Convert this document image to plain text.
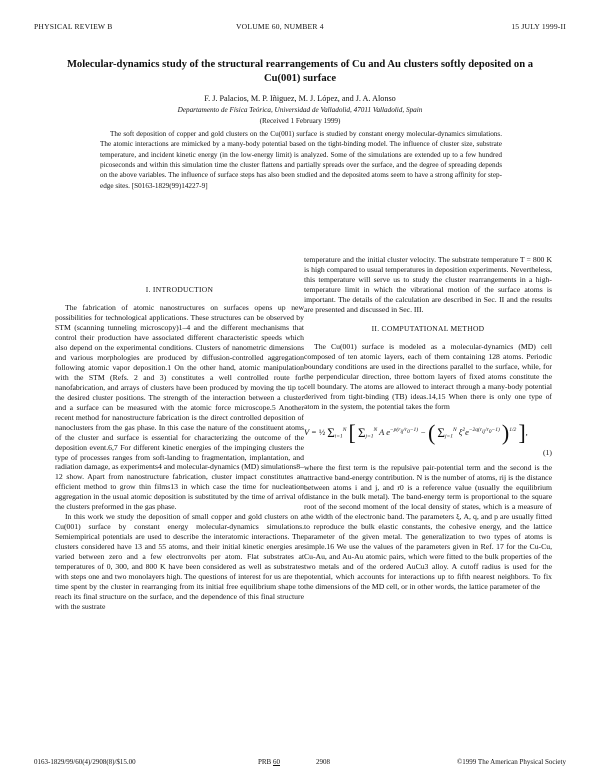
PHYSICAL REVIEW B	VOLUME 60, NUMBER 4	15 JULY 1999-II
Molecular-dynamics study of the structural rearrangements of Cu and Au clusters softly deposited on a Cu(001) surface
F. J. Palacios, M. P. Iñiguez, M. J. López, and J. A. Alonso
Departamento de Física Teórica, Universidad de Valladolid, 47011 Valladolid, Spain
(Received 1 February 1999)
The soft deposition of copper and gold clusters on the Cu(001) surface is studied by constant energy molecular-dynamics simulations. The atomic interactions are mimicked by a many-body potential based on the tight-binding model. The influence of cluster size, substrate temperature, and incident kinetic energy (in the low-energy limit) is analyzed. Some of the simulations are extended up to a few hundred picoseconds and within this simulation time the cluster flattens and partially spreads over the surface, and the degree of spreading depends on the above variables. The influence of surface steps has also been studied and the deposited atoms seem to have a strong affinity for step-edge sites. [S0163-1829(99)14227-9]
I. INTRODUCTION

The fabrication of atomic nanostructures on surfaces opens up new possibilities for technological applications. These structures can be observed by STM (scanning tunneling microscopy)1–4 and the different mechanisms that control their production have associated different characteristic speeds which also depend on the experimental conditions. Clusters of nanometric dimensions and various morphologies are produced by diffusion-controlled aggregation following atomic vapor deposition.1 On the other hand, atomic manipulation with the STM (Refs. 2 and 3) constitutes a well controlled route for nanofabrication, and arrays of clusters have been produced by moving the tip to the desired cluster positions. The strength of the interaction between a cluster and a surface can be measured with the atomic force microscope.5 Another recent method for nanostructure fabrication is the direct controlled deposition of nanoclusters from the gas phase. In this case the nature of the constituent atoms of the cluster and surface is essential for characterizing the outcome of the deposition event.6,7 For different kinetic energies of the impinging clusters the type of processes ranges from soft-landing to fragmentation, implantation, and radiation damage, as experiments4 and molecular-dynamics (MD) simulations8–12 show. Apart from nanostructure fabrication, cluster impact constitutes an efficient method to grow thin films13 in which case the time for nucleation aggregation in the usual atomic deposition is substituted by the time of arrival of the clusters preformed in the gas phase.

In this work we study the deposition of small copper and gold clusters on a Cu(001) surface by constant energy molecular-dynamics simulations. Semiempirical potentials are used to describe the interatomic interactions. The clusters considered have 13 and 55 atoms, and their initial kinetic energies are varied between zero and a few electronvolts per atom. Flat substrates at temperatures of 0, 300, and 800 K have been considered as well as substrates with steps one and two monolayers high. The questions of interest for us are the time spent by the cluster in rearranging from its initial free equilibrium shape to reach its final structure on the surface, and the dependence of this final structure with the sustrate

temperature and the initial cluster velocity. The substrate temperature T = 800 K is high compared to usual temperatures in deposition experiments. Nevertheless, this temperature will serve us to study the cluster rearrangements in a high-temperature limit in which the vibrational motion of the surface atoms is important. The details of the calculation are described in Sec. II and the results are presented and discussed in Sec. III.

II. COMPUTATIONAL METHOD

The Cu(001) surface is modeled as a molecular-dynamics (MD) cell composed of ten atomic layers, each of them containing 128 atoms. Periodic boundary conditions are used in the directions parallel to the surface, while, for the perpendicular direction, three bottom layers of fixed atoms constitute the cell boundary. The atoms are allowed to interact through a many-body potential derived from tight-binding (TB) ideas.14,15 When there is only one type of atom in the system, the potential takes the form

V = ½ $\Sigma_{i=1}^N$ [ $\Sigma_{j=1}^N$ A $e^{-p(r_{ij}/r_0-1)}$ − ( $\Sigma_{j=1}^N$ $\xi^2e^{-2q(r_{ij}/r_0-1)}$ )$^{1/2}$ ],
(1)

where the first term is the repulsive pair-potential term and the second is the attractive band-energy contribution. N is the number of atoms, rij is the distance between atoms i and j, and r0 is a reference value (usually the equilibrium distance in the bulk metal). The band-energy term is proportional to the square root of the second moment of the local density of states, which is a measure of the width of the electronic band. The parameters ξ, A, q, and p are usually fitted to reproduce the bulk elastic constants, the cohesive energy, and the lattice parameter of the given metal. The generalization to two types of atoms is simple.16 We use the values of the parameters given in Ref. 17 for the Cu-Cu, Cu-Au, and Au-Au atomic pairs, which were fitted to the bulk properties of the two metals and of the ordered AuCu3 alloy. A cutoff radius is used for the potential, which accounts for interactions up to fifth nearest neighbors. To fix the dimensions of the MD cell, or in other words, the lattice parameter of the

0163-1829/99/60(4)/2908(8)/$15.00	PRB 60	2908	©1999 The American Physical Society
